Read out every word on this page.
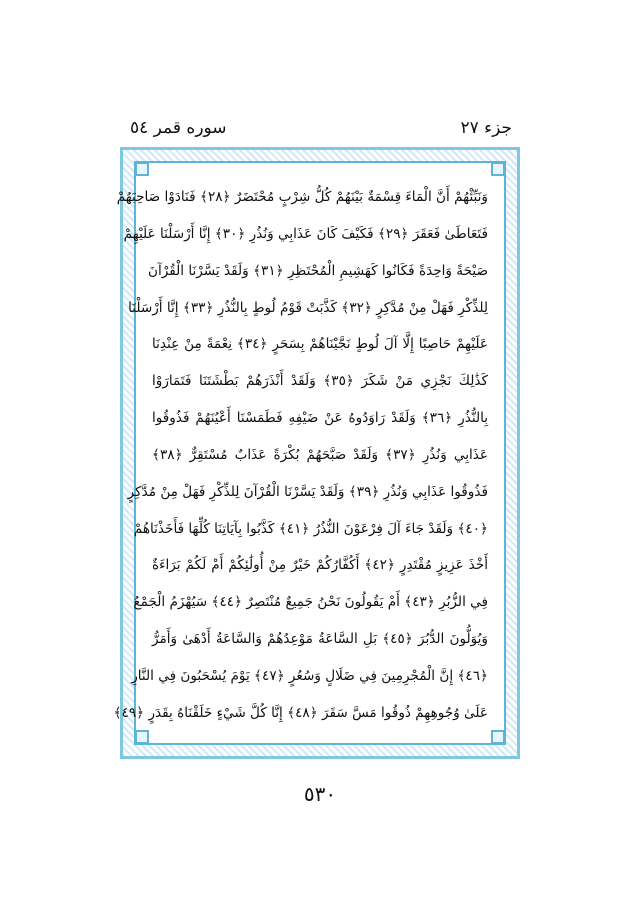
جزء ٢٧
سوره قمر ٥٤
وَنَبِّئْهُمْ أَنَّ الْمَاءَ قِسْمَةٌ بَيْنَهُمْ كُلُّ شِرْبٍ مُحْتَضَرٌ ﴿٢٨﴾ فَنَادَوْا صَاحِبَهُمْ
فَتَعَاطَىٰ فَعَقَرَ ﴿٢٩﴾ فَكَيْفَ كَانَ عَذَابِي وَنُذُرِ ﴿٣٠﴾ إِنَّا أَرْسَلْنَا عَلَيْهِمْ
صَيْحَةً وَاحِدَةً فَكَانُوا كَهَشِيمِ الْمُحْتَظِرِ ﴿٣١﴾ وَلَقَدْ يَسَّرْنَا الْقُرْآنَ
لِلذِّكْرِ فَهَلْ مِنْ مُدَّكِرٍ ﴿٣٢﴾ كَذَّبَتْ قَوْمُ لُوطٍ بِالنُّذُرِ ﴿٣٣﴾ إِنَّا أَرْسَلْنَا
عَلَيْهِمْ حَاصِبًا إِلَّا آلَ لُوطٍ نَجَّيْنَاهُمْ بِسَحَرٍ ﴿٣٤﴾ نِعْمَةً مِنْ عِنْدِنَا
كَذَٰلِكَ نَجْزِي مَنْ شَكَرَ ﴿٣٥﴾ وَلَقَدْ أَنْذَرَهُمْ بَطْشَتَنَا فَتَمَارَوْا
بِالنُّذُرِ ﴿٣٦﴾ وَلَقَدْ رَاوَدُوهُ عَنْ ضَيْفِهِ فَطَمَسْنَا أَعْيُنَهُمْ فَذُوقُوا
عَذَابِي وَنُذُرِ ﴿٣٧﴾ وَلَقَدْ صَبَّحَهُمْ بُكْرَةً عَذَابٌ مُسْتَقِرٌّ ﴿٣٨﴾
فَذُوقُوا عَذَابِي وَنُذُرِ ﴿٣٩﴾ وَلَقَدْ يَسَّرْنَا الْقُرْآنَ لِلذِّكْرِ فَهَلْ مِنْ مُدَّكِرٍ
﴿٤٠﴾ وَلَقَدْ جَاءَ آلَ فِرْعَوْنَ النُّذُرُ ﴿٤١﴾ كَذَّبُوا بِآيَاتِنَا كُلِّهَا فَأَخَذْنَاهُمْ
أَخْذَ عَزِيزٍ مُقْتَدِرٍ ﴿٤٢﴾ أَكُفَّارُكُمْ خَيْرٌ مِنْ أُولَٰئِكُمْ أَمْ لَكُمْ بَرَاءَةٌ
فِي الزُّبُرِ ﴿٤٣﴾ أَمْ يَقُولُونَ نَحْنُ جَمِيعٌ مُنْتَصِرٌ ﴿٤٤﴾ سَيُهْزَمُ الْجَمْعُ
وَيُوَلُّونَ الدُّبُرَ ﴿٤٥﴾ بَلِ السَّاعَةُ مَوْعِدُهُمْ وَالسَّاعَةُ أَدْهَىٰ وَأَمَرُّ
﴿٤٦﴾ إِنَّ الْمُجْرِمِينَ فِي ضَلَالٍ وَسُعُرٍ ﴿٤٧﴾ يَوْمَ يُسْحَبُونَ فِي النَّارِ
عَلَىٰ وُجُوهِهِمْ ذُوقُوا مَسَّ سَقَرَ ﴿٤٨﴾ إِنَّا كُلَّ شَيْءٍ خَلَقْنَاهُ بِقَدَرٍ ﴿٤٩﴾
٥٣٠
